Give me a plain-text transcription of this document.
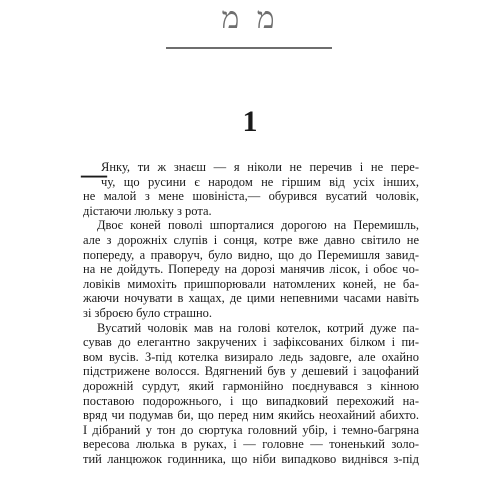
מ מ
1
—
Янку, ти ж знаєш — я ніколи не перечив і не пере-
чу, що русини є народом не гіршим від усіх інших,
не малой з мене шовініста,— обурився вусатий чоловік,
дістаючи люльку з рота.
Двоє коней поволі шпорталися дорогою на Перемишль,
але з дорожніх слупів і сонця, котре вже давно світило не
попереду, а праворуч, було видно, що до Перемишля завид-
на не дойдуть. Попереду на дорозі манячив лісок, і обоє чо-
ловіків мимохіть пришпорювали натомлених коней, не ба-
жаючи ночувати в хащах, де цими непевними часами навіть
зі зброєю було страшно.
Вусатий чоловік мав на голові котелок, котрий дуже па-
сував до елегантно закручених і зафіксованих білком і пи-
вом вусів. З-під котелка визирало ледь задовге, але охайно
підстрижене волосся. Вдягнений був у дешевий і зацофаний
дорожній сурдут, який гармонійно поєднувався з кінною
поставою подорожнього, і що випадковий перехожий на-
вряд чи подумав би, що перед ним якийсь неохайний абихто.
І дібраний у тон до сюртука головний убір, і темно-багряна
вересова люлька в руках, і — головне — тоненький золо-
тий ланцюжок годинника, що ніби випадково виднівся з-під
